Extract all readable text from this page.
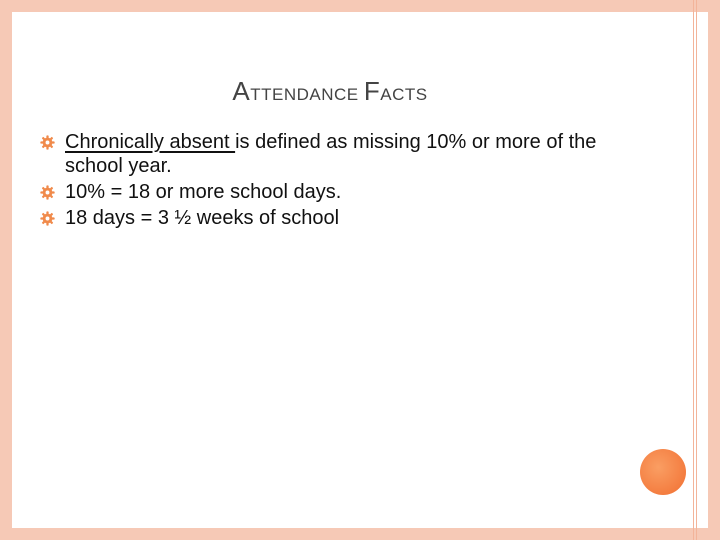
ATTENDANCE FACTS
Chronically absent is defined as missing 10% or more of the school year.
10% = 18 or more school days.
18 days = 3 ½ weeks of school
